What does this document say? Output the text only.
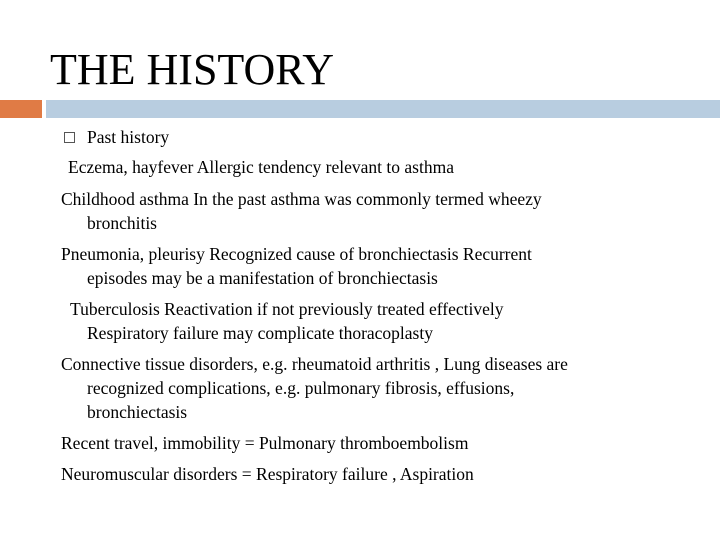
THE HISTORY
Past history
Eczema, hayfever Allergic tendency relevant to asthma
Childhood asthma In the past asthma was commonly termed wheezy
bronchitis
Pneumonia, pleurisy Recognized cause of bronchiectasis Recurrent
episodes may be a manifestation of bronchiectasis
Tuberculosis Reactivation if not previously treated effectively
Respiratory failure may complicate thoracoplasty
Connective tissue disorders, e.g. rheumatoid arthritis , Lung diseases are
recognized complications, e.g. pulmonary fibrosis, effusions,
bronchiectasis
Recent travel, immobility = Pulmonary thromboembolism
Neuromuscular disorders = Respiratory failure , Aspiration
